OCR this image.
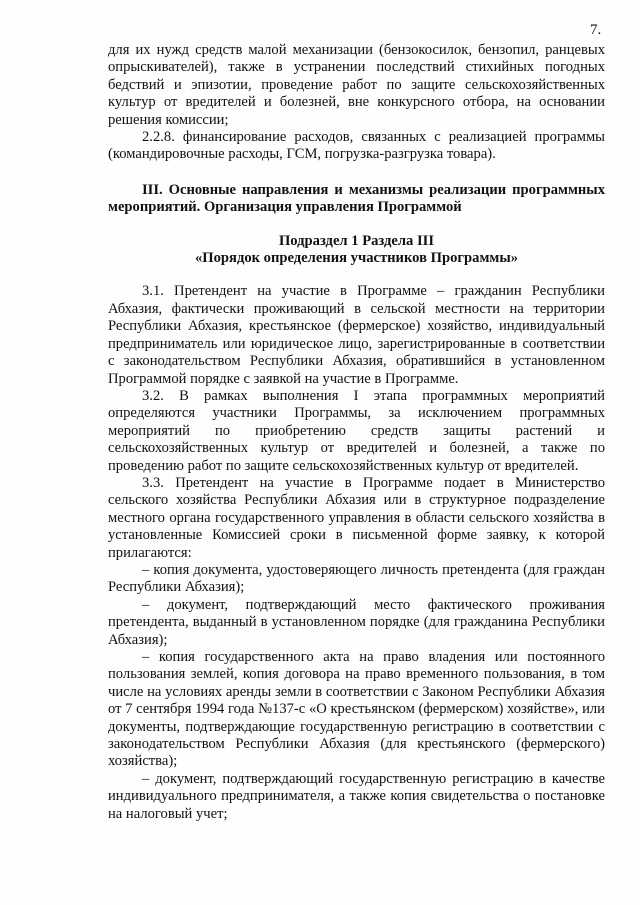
7.

для их нужд средств малой механизации (бензокосилок, бензопил, ранцевых опрыскивателей), также в устранении последствий стихийных погодных бедствий и эпизотии, проведение работ по защите сельскохозяйственных культур от вредителей и болезней, вне конкурсного отбора, на основании решения комиссии;

2.2.8. финансирование расходов, связанных с реализацией программы (командировочные расходы, ГСМ, погрузка-разгрузка товара).

III. Основные направления и механизмы реализации программных мероприятий. Организация управления Программой

Подраздел 1 Раздела III
«Порядок определения участников Программы»

3.1. Претендент на участие в Программе – гражданин Республики Абхазия, фактически проживающий в сельской местности на территории Республики Абхазия, крестьянское (фермерское) хозяйство, индивидуальный предприниматель или юридическое лицо, зарегистрированные в соответствии с законодательством Республики Абхазия, обратившийся в установленном Программой порядке с заявкой на участие в Программе.

3.2. В рамках выполнения I этапа программных мероприятий определяются участники Программы, за исключением программных мероприятий по приобретению средств защиты растений и сельскохозяйственных культур от вредителей и болезней, а также по проведению работ по защите сельскохозяйственных культур от вредителей.

3.3. Претендент на участие в Программе подает в Министерство сельского хозяйства Республики Абхазия или в структурное подразделение местного органа государственного управления в области сельского хозяйства в установленные Комиссией сроки в письменной форме заявку, к которой прилагаются:

– копия документа, удостоверяющего личность претендента (для граждан Республики Абхазия);

– документ, подтверждающий место фактического проживания претендента, выданный в установленном порядке (для гражданина Республики Абхазия);

– копия государственного акта на право владения или постоянного пользования землей, копия договора на право временного пользования, в том числе на условиях аренды земли в соответствии с Законом Республики Абхазия от 7 сентября 1994 года №137-с «О крестьянском (фермерском) хозяйстве», или документы, подтверждающие государственную регистрацию в соответствии с законодательством Республики Абхазия (для крестьянского (фермерского) хозяйства);

– документ, подтверждающий государственную регистрацию в качестве индивидуального предпринимателя, а также копия свидетельства о постановке на налоговый учет;
